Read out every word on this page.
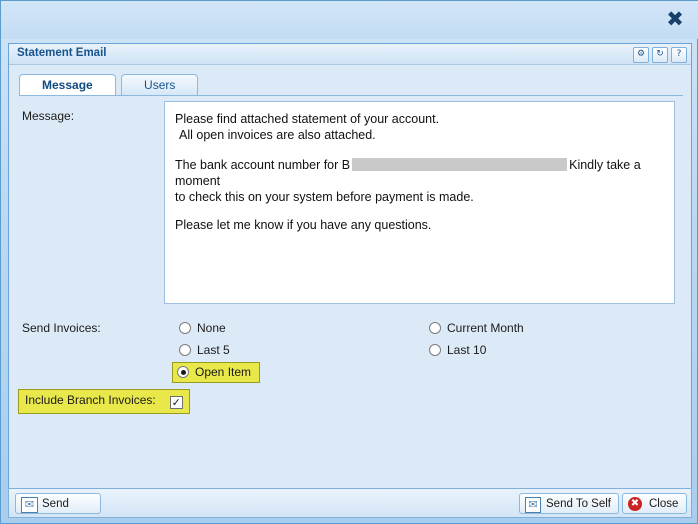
✖
Statement Email	⚙	↻	?
Message	Users
Message:	Please find attached statement of your account.

All open invoices are also attached.

The bank account number for B	Kindly take a moment
to check this on your system before payment is made.

Please let me know if you have any questions.

Send Invoices:	None
Last 5
Open Item
Current Month
Last 10
Include Branch Invoices: ✓
✉ Send	✉ Send To Self	✖ Close
